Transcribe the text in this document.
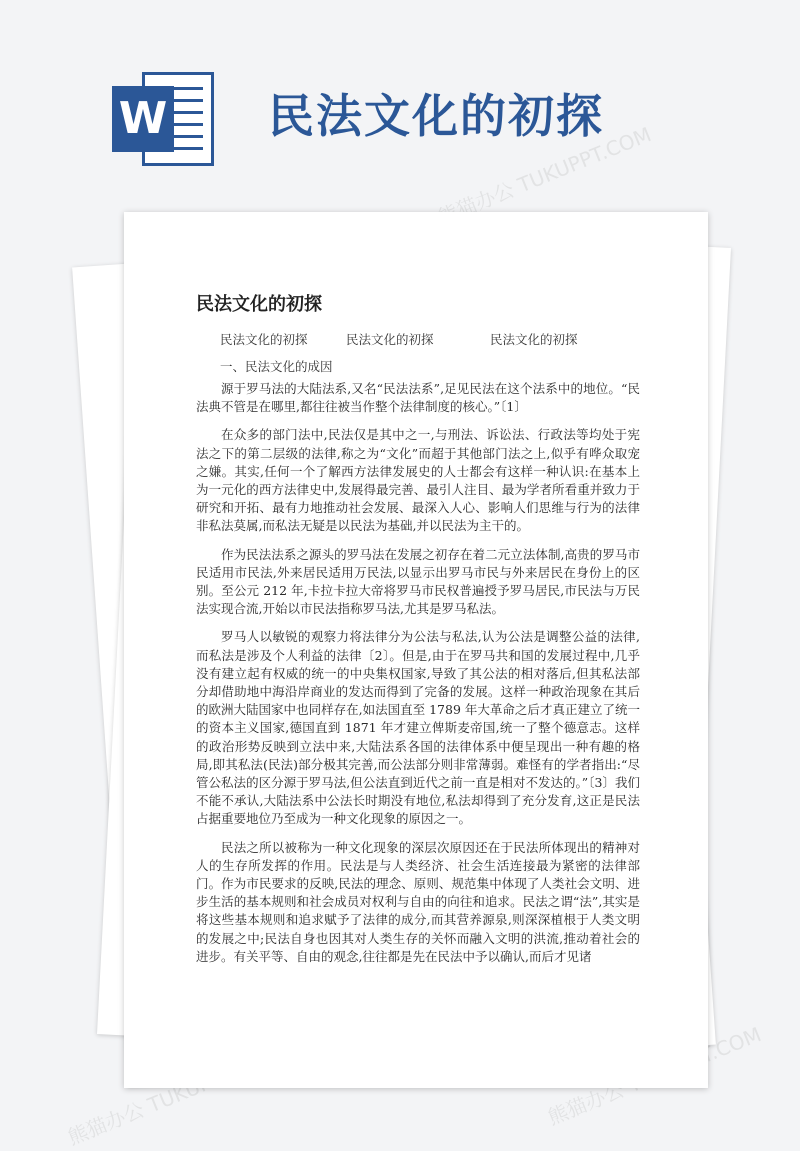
W 民法文化的初探
熊猫办公 TUKUPPT.COM
熊猫办公 TUKUPPT.COM	熊猫办公
民法文化的初探
民法文化的初探	民法文化的初探	民法文化的初探
一、民法文化的成因

源于罗马法的大陆法系,又名“民法法系”,足见民法在这个法系中的地位。“民法典不管是在哪里,都往往被当作整个法律制度的核心。”〔1〕

在众多的部门法中,民法仅是其中之一,与刑法、诉讼法、行政法等均处于宪法之下的第二层级的法律,称之为“文化”而超于其他部门法之上,似乎有哗众取宠之嫌。其实,任何一个了解西方法律发展史的人士都会有这样一种认识:在基本上为一元化的西方法律史中,发展得最完善、最引人注目、最为学者所看重并致力于研究和开拓、最有力地推动社会发展、最深入人心、影响人们思维与行为的法律非私法莫属,而私法无疑是以民法为基础,并以民法为主干的。

作为民法法系之源头的罗马法在发展之初存在着二元立法体制,高贵的罗马市民适用市民法,外来居民适用万民法,以显示出罗马市民与外来居民在身份上的区别。至公元 212 年,卡拉卡拉大帝将罗马市民权普遍授予罗马居民,市民法与万民法实现合流,开始以市民法指称罗马法,尤其是罗马私法。

罗马人以敏锐的观察力将法律分为公法与私法,认为公法是调整公益的法律,而私法是涉及个人利益的法律〔2〕。但是,由于在罗马共和国的发展过程中,几乎没有建立起有权威的统一的中央集权国家,导致了其公法的相对落后,但其私法部分却借助地中海沿岸商业的发达而得到了完备的发展。这样一种政治现象在其后的欧洲大陆国家中也同样存在,如法国直至 1789 年大革命之后才真正建立了统一的资本主义国家,德国直到 1871 年才建立俾斯麦帝国,统一了整个德意志。这样的政治形势反映到立法中来,大陆法系各国的法律体系中便呈现出一种有趣的格局,即其私法(民法)部分极其完善,而公法部分则非常薄弱。难怪有的学者指出:“尽管公私法的区分源于罗马法,但公法直到近代之前一直是相对不发达的。”〔3〕我们不能不承认,大陆法系中公法长时期没有地位,私法却得到了充分发育,这正是民法占据重要地位乃至成为一种文化现象的原因之一。

民法之所以被称为一种文化现象的深层次原因还在于民法所体现出的精神对人的生存所发挥的作用。民法是与人类经济、社会生活连接最为紧密的法律部门。作为市民要求的反映,民法的理念、原则、规范集中体现了人类社会文明、进步生活的基本规则和社会成员对权利与自由的向往和追求。民法之谓“法”,其实是将这些基本规则和追求赋予了法律的成分,而其营养源泉,则深深植根于人类文明的发展之中;民法自身也因其对人类生存的关怀而融入文明的洪流,推动着社会的进步。有关平等、自由的观念,往往都是先在民法中予以确认,而后才见诸
